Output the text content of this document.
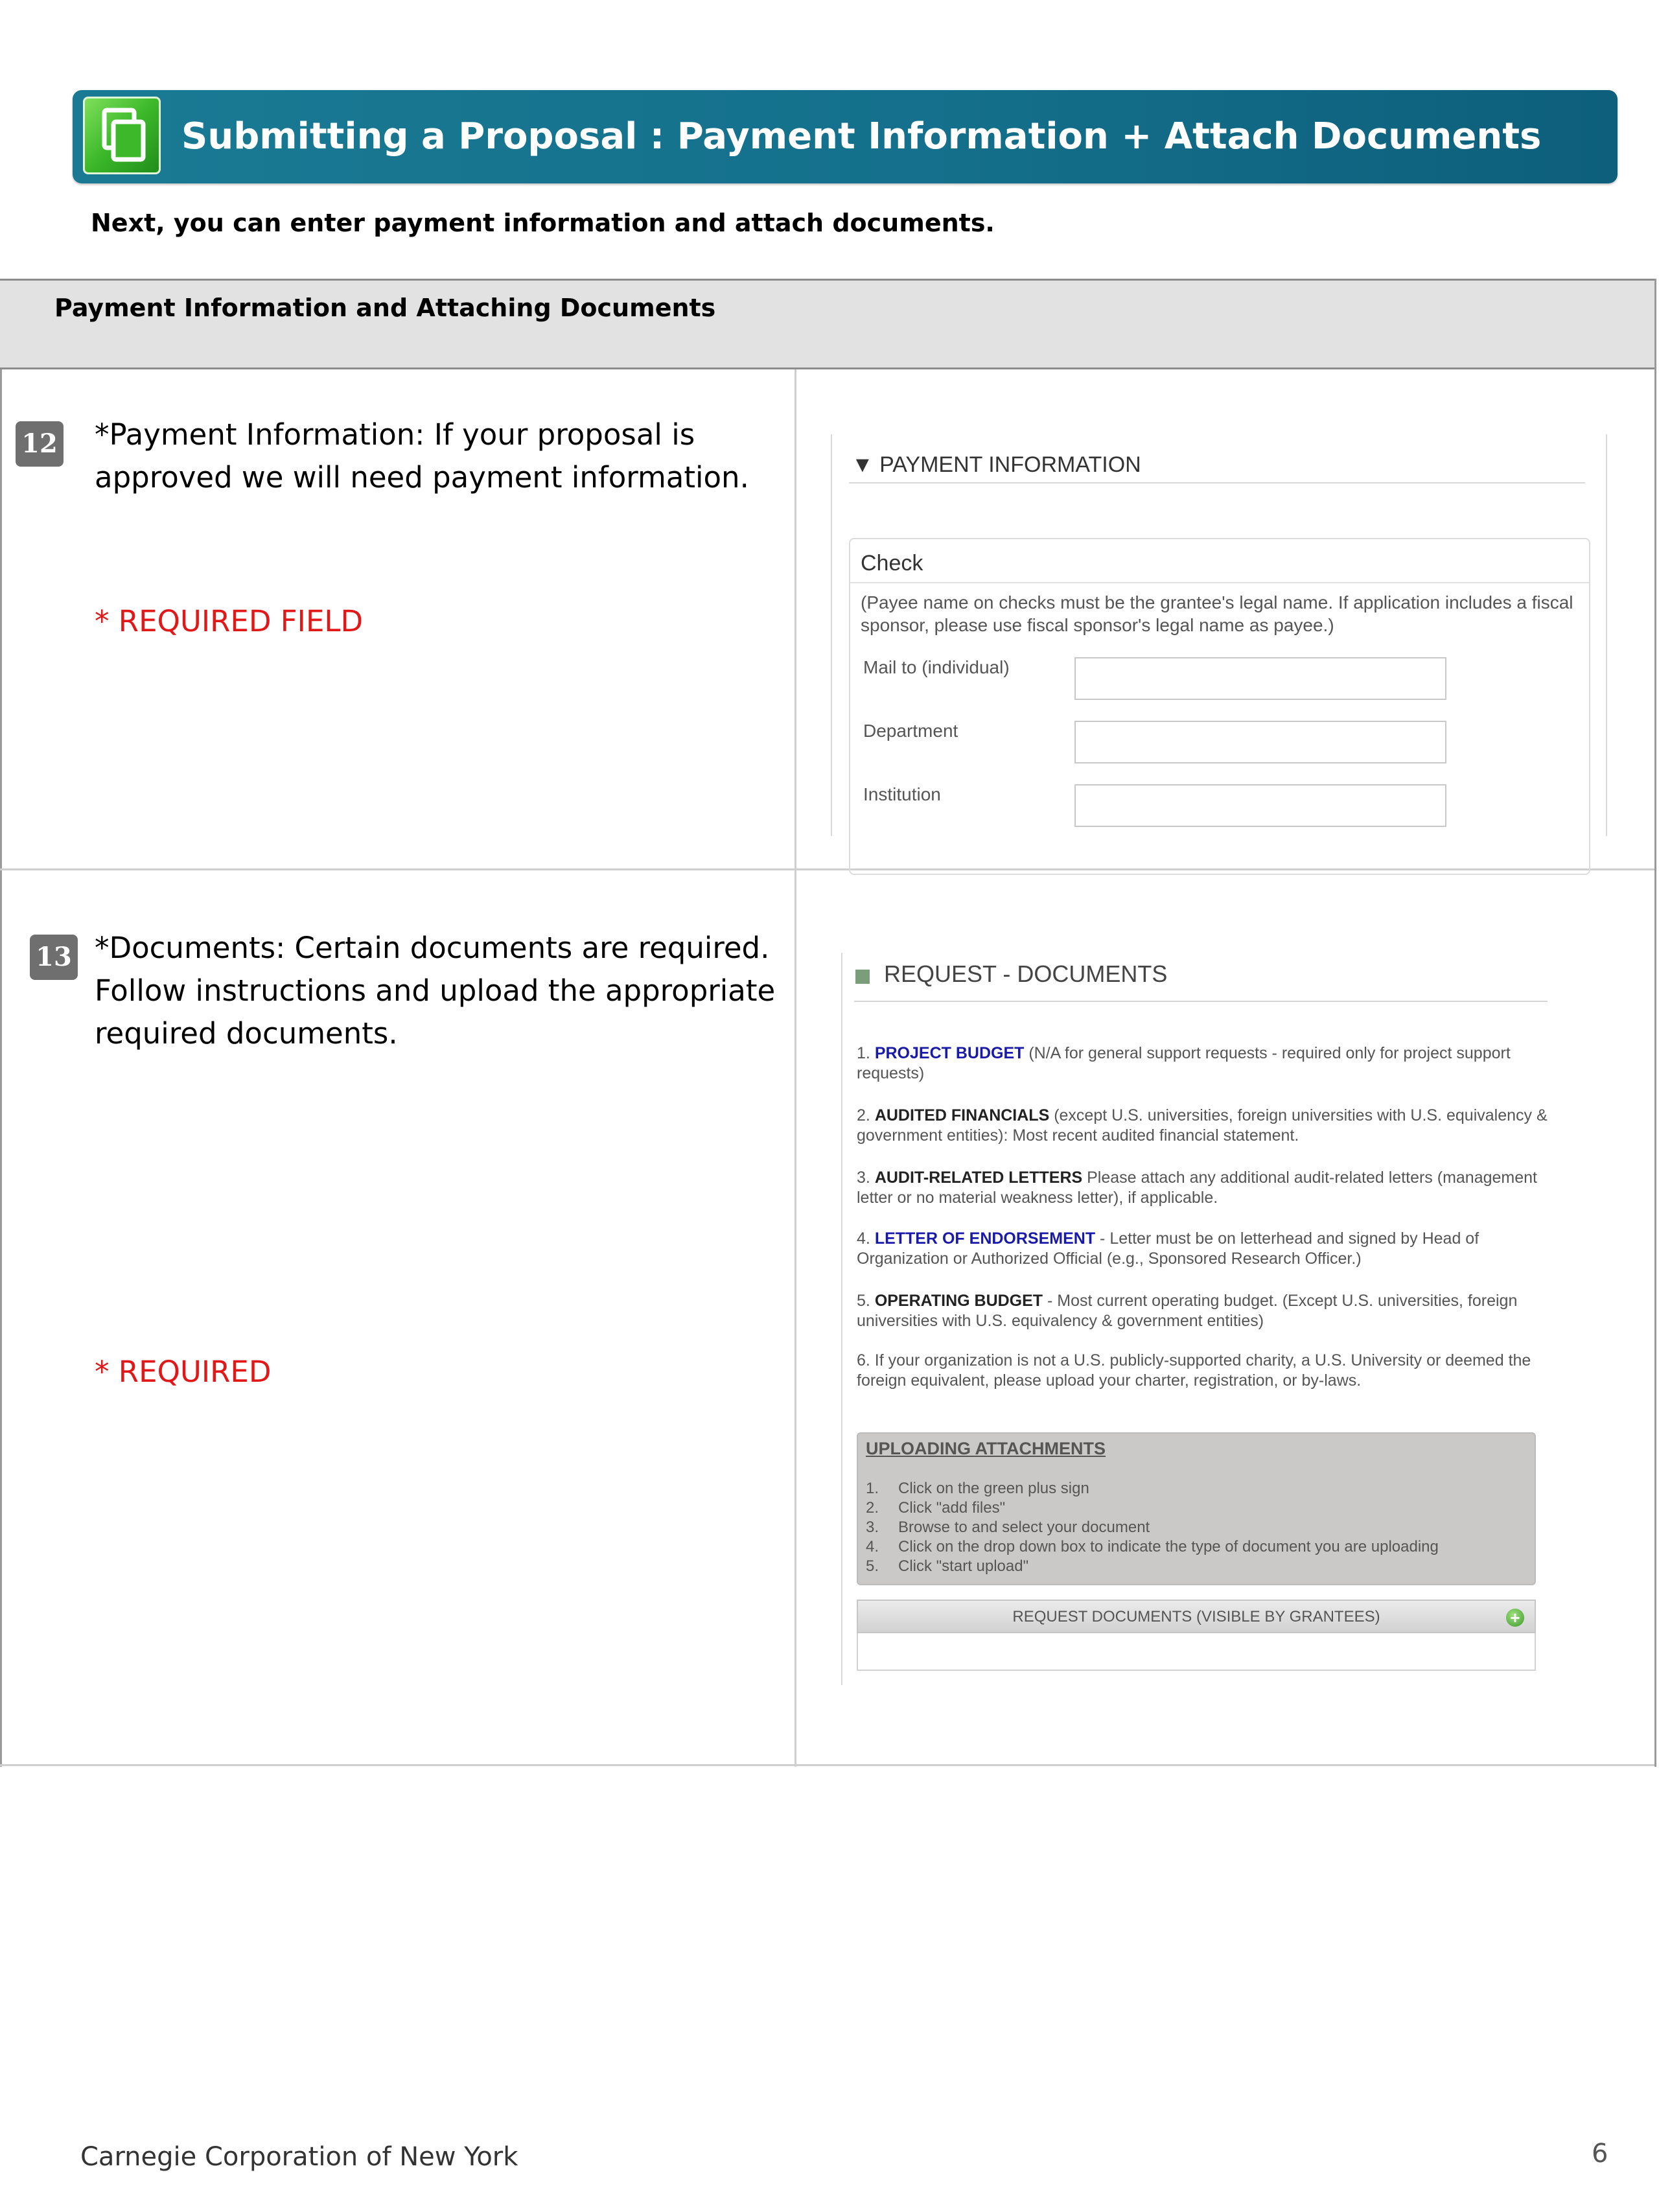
Submitting a Proposal : Payment Information + Attach Documents
Next, you can enter payment information and attach documents.
Payment Information and Attaching Documents
12 *Payment Information: If your proposal is approved we will need payment information.
* REQUIRED FIELD
13 *Documents: Certain documents are required. Follow instructions and upload the appropriate required documents.
* REQUIRED
▼ PAYMENT INFORMATION
Check
(Payee name on checks must be the grantee's legal name. If application includes a fiscal sponsor, please use fiscal sponsor's legal name as payee.)
Mail to (individual)
Department
Institution
REQUEST - DOCUMENTS
1. PROJECT BUDGET (N/A for general support requests - required only for project support requests)
2. AUDITED FINANCIALS (except U.S. universities, foreign universities with U.S. equivalency & government entities): Most recent audited financial statement.
3. AUDIT-RELATED LETTERS Please attach any additional audit-related letters (management letter or no material weakness letter), if applicable.
4. LETTER OF ENDORSEMENT - Letter must be on letterhead and signed by Head of Organization or Authorized Official (e.g., Sponsored Research Officer.)
5. OPERATING BUDGET - Most current operating budget. (Except U.S. universities, foreign universities with U.S. equivalency & government entities)
6. If your organization is not a U.S. publicly-supported charity, a U.S. University or deemed the foreign equivalent, please upload your charter, registration, or by-laws.
UPLOADING ATTACHMENTS
1. Click on the green plus sign
2. Click "add files"
3. Browse to and select your document
4. Click on the drop down box to indicate the type of document you are uploading
5. Click "start upload"
REQUEST DOCUMENTS (VISIBLE BY GRANTEES)	+
Carnegie Corporation of New York	6
